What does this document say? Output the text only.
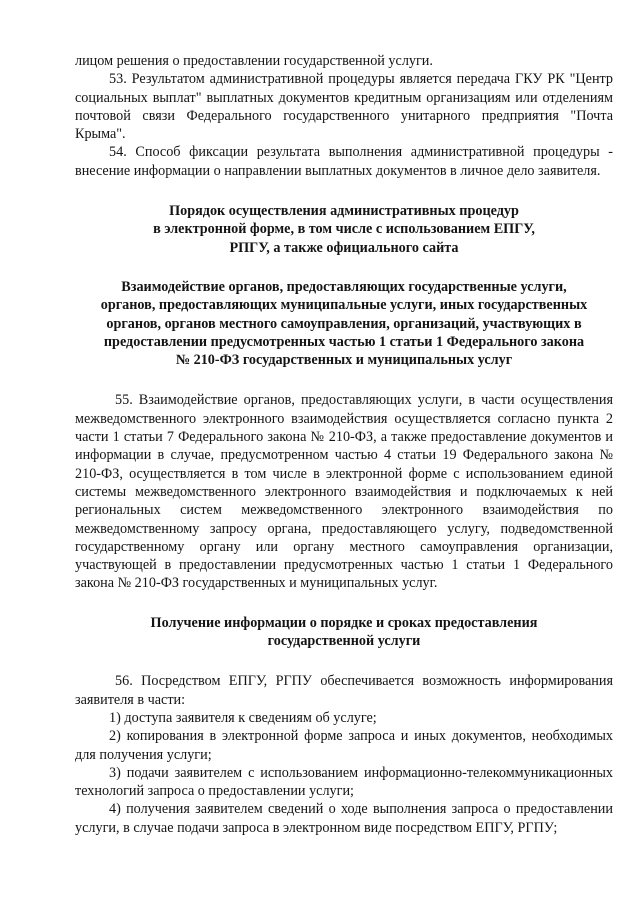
лицом решения о предоставлении государственной услуги.

53. Результатом административной процедуры является передача ГКУ РК "Центр социальных выплат" выплатных документов кредитным организациям или отделениям почтовой связи Федерального государственного унитарного предприятия "Почта Крыма".

54. Способ фиксации результата выполнения административной процедуры - внесение информации о направлении выплатных документов в личное дело заявителя.

Порядок осуществления административных процедур
в электронной форме, в том числе с использованием ЕПГУ,
РПГУ, а также официального сайта
Взаимодействие органов, предоставляющих государственные услуги,
органов, предоставляющих муниципальные услуги, иных государственных
органов, органов местного самоуправления, организаций, участвующих в
предоставлении предусмотренных частью 1 статьи 1 Федерального закона
№ 210-ФЗ государственных и муниципальных услуг

55. Взаимодействие органов, предоставляющих услуги, в части осуществления межведомственного электронного взаимодействия осуществляется согласно пункта 2 части 1 статьи 7 Федерального закона № 210-ФЗ, а также предоставление документов и информации в случае, предусмотренном частью 4 статьи 19 Федерального закона № 210-ФЗ, осуществляется в том числе в электронной форме с использованием единой системы межведомственного электронного взаимодействия и подключаемых к ней региональных систем межведомственного электронного взаимодействия по межведомственному запросу органа, предоставляющего услугу, подведомственной государственному органу или органу местного самоуправления организации, участвующей в предоставлении предусмотренных частью 1 статьи 1 Федерального закона № 210-ФЗ государственных и муниципальных услуг.

Получение информации о порядке и сроках предоставления
государственной услуги

56. Посредством ЕПГУ, РГПУ обеспечивается возможность информирования заявителя в части:

1) доступа заявителя к сведениям об услуге;

2) копирования в электронной форме запроса и иных документов, необходимых для получения услуги;

3) подачи заявителем с использованием информационно-телекоммуникационных технологий запроса о предоставлении услуги;

4) получения заявителем сведений о ходе выполнения запроса о предоставлении услуги, в случае подачи запроса в электронном виде посредством ЕПГУ, РГПУ;
